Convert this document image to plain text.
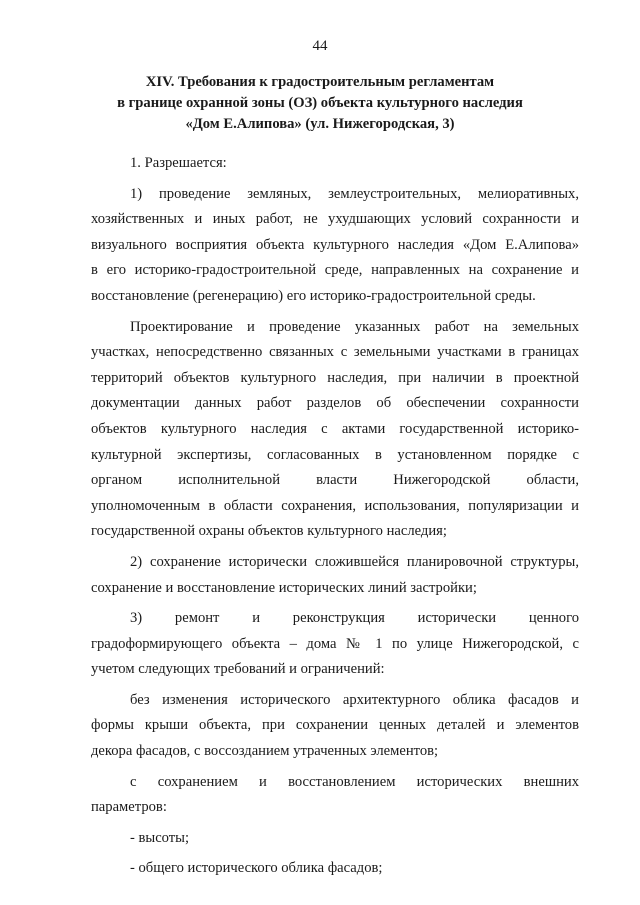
44
XIV. Требования к градостроительным регламентам
в границе охранной зоны (ОЗ) объекта культурного наследия
«Дом Е.Алипова» (ул. Нижегородская, 3)
1. Разрешается:
1) проведение земляных, землеустроительных, мелиоративных,
хозяйственных и иных работ, не ухудшающих условий сохранности и
визуального восприятия объекта культурного наследия «Дом Е.Алипова»
в его историко-градостроительной среде, направленных на сохранение и
восстановление (регенерацию) его историко-градостроительной среды.
Проектирование и проведение указанных работ на земельных
участках, непосредственно связанных с земельными участками в границах
территорий объектов культурного наследия, при наличии в проектной
документации данных работ разделов об обеспечении сохранности
объектов культурного наследия с актами государственной историко-
культурной экспертизы, согласованных в установленном порядке с
органом исполнительной власти Нижегородской области,
уполномоченным в области сохранения, использования, популяризации и
государственной охраны объектов культурного наследия;
2) сохранение исторически сложившейся планировочной структуры,
сохранение и восстановление исторических линий застройки;
3) ремонт и реконструкция исторически ценного
градоформирующего объекта – дома № 1 по улице Нижегородской, с
учетом следующих требований и ограничений:
без изменения исторического архитектурного облика фасадов и
формы крыши объекта, при сохранении ценных деталей и элементов
декора фасадов, с воссозданием утраченных элементов;
с сохранением и восстановлением исторических внешних
параметров:
- высоты;
- общего исторического облика фасадов;
